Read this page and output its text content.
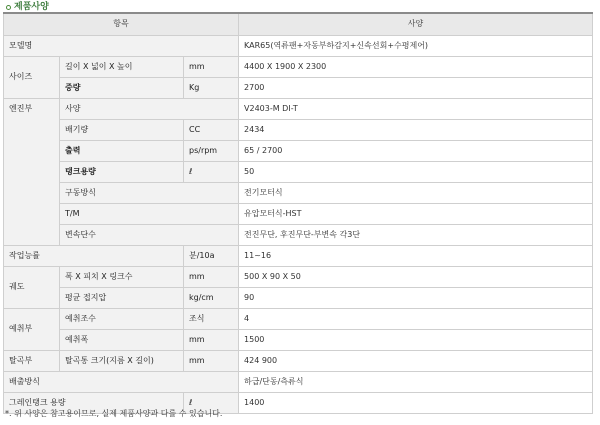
제품사양
항목			사양
모델명			KAR65(역류팬+자동부하감지+신속선회+수평제어)
사이즈	길이 X 넓이 X 높이	mm	4400 X 1900 X 2300
	중량	Kg	2700
엔진부	사양		V2403-M DI-T
	배기량	CC	2434
	출력	ps/rpm	65 / 2700
	탱크용량	ℓ	50
	구동방식		전기모터식
	T/M		유압모터식-HST
	변속단수		전진무단, 후진무단-부변속 각3단
작업능률		분/10a	11~16
궤도	폭 X 피치 X 링크수	mm	500 X 90 X 50
	평균 접지압	kg/cm	90
예취부	예취조수	조식	4
	예취폭	mm	1500
탈곡부	탈곡통 크기(지름 X 길이)	mm	424 900
배출방식			하급/단동/측류식
그레인탱크 용량		ℓ	1400
*. 위 사양은 참고용이므로, 실제 제품사양과 다를 수 있습니다.
